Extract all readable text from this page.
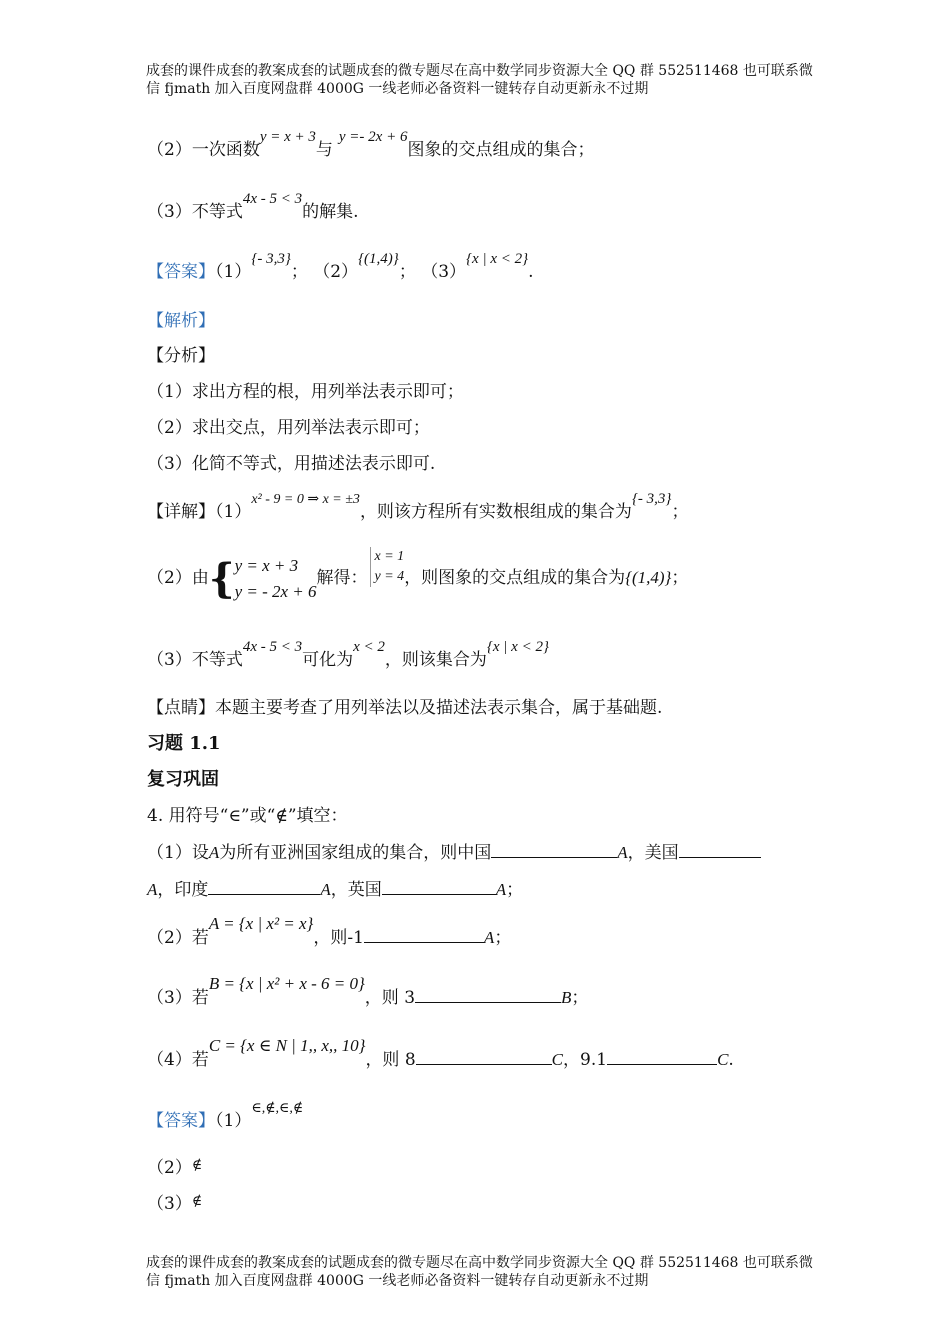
成套的课件成套的教案成套的试题成套的微专题尽在高中数学同步资源大全 QQ 群 552511468 也可联系微
信 fjmath 加入百度网盘群 4000G 一线老师必备资料一键转存自动更新永不过期
（2）一次函数y = x + 3与y =- 2x + 6图象的交点组成的集合；
（3）不等式4x - 5 < 3的解集.
【答案】（1）{- 3,3}； （2）{(1,4)}； （3）{x | x < 2}.
【解析】
【分析】
（1）求出方程的根，用列举法表示即可；
（2）求出交点，用列举法表示即可；
（3）化简不等式，用描述法表示即可.
【详解】$(1)^{x^2 - 9 = 0 \Rightarrow x = \pm 3}$，则该方程所有实数根组成的集合为{- 3,3}；
（2）由{y = x + 3
y = - 2x + 6解得：x = 1
y = 4，则图象的交点组成的集合为{(1,4)}；
（3）不等式4x - 5 < 3可化为x < 2，则该集合为{x | x < 2}
【点睛】本题主要考查了用列举法以及描述法表示集合，属于基础题.
习题 1.1
复习巩固
4. 用符号“∈”或“∉”填空：
（1）设A为所有亚洲国家组成的集合，则中国	A，美国
A，印度	A，英国	A；
（2）若A = {x | x² = x}，则-1	A；
（3）若B = {x | x² + x - 6 = 0}，则 3	B；
（4）若C = {x ∈ N | 1,, x,, 10}，则 8	C，9.1	C.
【答案】（1）∈,∉,∈,∉
（2）∉
（3）∉
成套的课件成套的教案成套的试题成套的微专题尽在高中数学同步资源大全 QQ 群 552511468 也可联系微
信 fjmath 加入百度网盘群 4000G 一线老师必备资料一键转存自动更新永不过期
